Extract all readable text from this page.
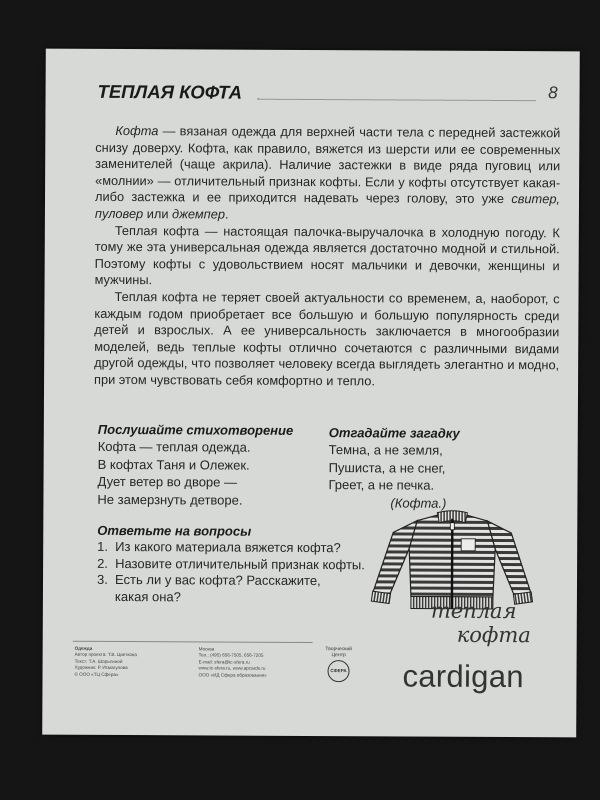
ТЕПЛАЯ КОФТА	8

Кофта — вязаная одежда для верхней части тела с передней застежкой снизу доверху. Кофта, как правило, вяжется из шерсти или ее современных заменителей (чаще акрила). Наличие застежки в виде ряда пуговиц или «молнии» — отличительный признак кофты. Если у кофты отсутствует какая-либо застежка и ее приходится надевать через голову, это уже свитер, пуловер или джемпер.

Теплая кофта — настоящая палочка-выручалочка в холодную погоду. К тому же эта универсальная одежда является достаточно модной и стильной. Поэтому кофты с удовольствием носят мальчики и девочки, женщины и мужчины.

Теплая кофта не теряет своей актуальности со временем, а, наоборот, с каждым годом приобретает все большую и большую популярность среди детей и взрослых. А ее универсальность заключается в многообразии моделей, ведь теплые кофты отлично сочетаются с различными видами другой одежды, что позволяет человеку всегда выглядеть элегантно и модно, при этом чувствовать себя комфортно и тепло.

Послушайте стихотворение
Кофта — теплая одежда.
В кофтах Таня и Олежек.
Дует ветер во дворе —
Не замерзнуть детворе.
Отгадайте загадку
Темна, а не земля,
Пушиста, а не снег,
Греет, а не печка.
(Кофта.)
Ответьте на вопросы
1. Из какого материала вяжется кофта?
2. Назовите отличительный признак кофты.
3. Есть ли у вас кофта? Расскажите,
какая она?
теплая
кофта
cardigan
Одежда
Автор проекта: Т.В. Цветкова
Текст: Т.А. Шорыгиной
Художник: Р. Исмагулова
© ООО «ТЦ Сфера»
Москва
Тел.: (495) 656-7505, 656-7205
E-mail: sfera@tc-sfera.ru
www.tc-sfera.ru, www.apcards.ru
ООО «ИД Сфера образования»
Творческий
Центр
СФЕРА
